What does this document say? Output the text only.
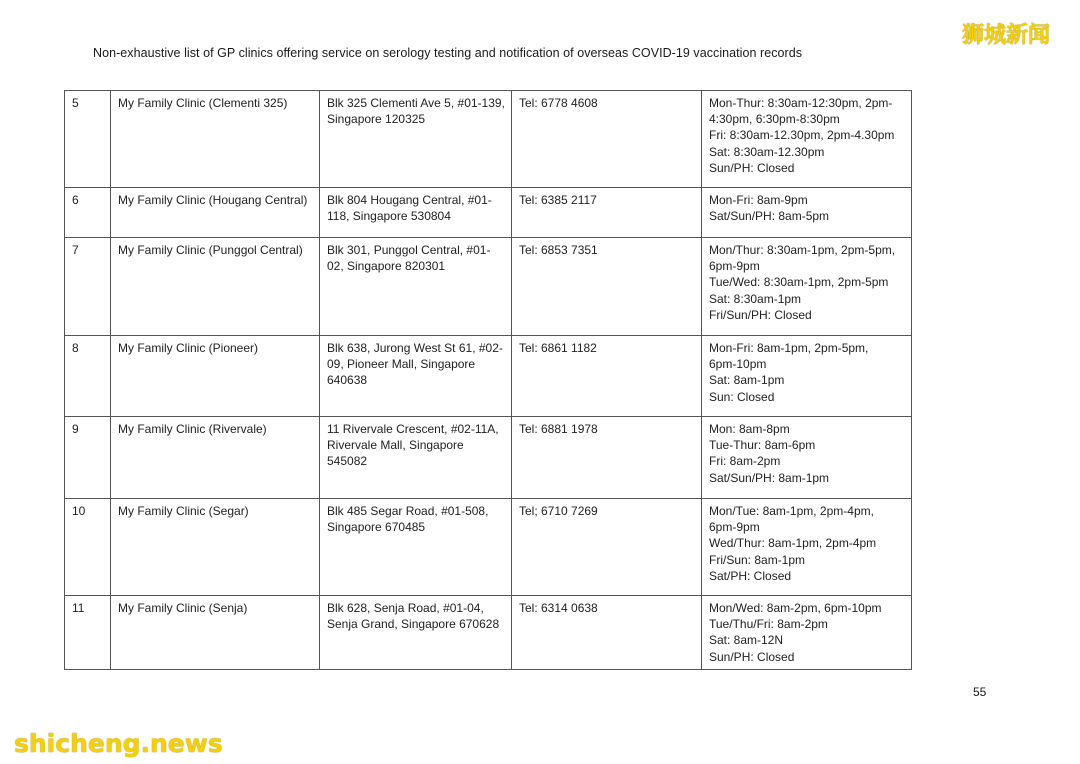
Non-exhaustive list of GP clinics offering service on serology testing and notification of overseas COVID-19 vaccination records
狮城新闻
5	My Family Clinic (Clementi 325)	Blk 325 Clementi Ave 5, #01-139, Singapore 120325	Tel: 6778 4608	Mon-Thur: 8:30am-12:30pm, 2pm-
4:30pm, 6:30pm-8:30pm
Fri: 8:30am-12.30pm, 2pm-4.30pm
Sat: 8:30am-12.30pm
Sun/PH: Closed

6	My Family Clinic (Hougang Central)	Blk 804 Hougang Central, #01-118, Singapore 530804	Tel: 6385 2117	Mon-Fri: 8am-9pm
Sat/Sun/PH: 8am-5pm

7	My Family Clinic (Punggol Central)	Blk 301, Punggol Central, #01-02, Singapore 820301	Tel: 6853 7351	Mon/Thur: 8:30am-1pm, 2pm-5pm,
6pm-9pm
Tue/Wed: 8:30am-1pm, 2pm-5pm
Sat: 8:30am-1pm
Fri/Sun/PH: Closed

8	My Family Clinic (Pioneer)	Blk 638, Jurong West St 61, #02-09, Pioneer Mall, Singapore 640638	Tel: 6861 1182	Mon-Fri: 8am-1pm, 2pm-5pm,
6pm-10pm
Sat: 8am-1pm
Sun: Closed

9	My Family Clinic (Rivervale)	11 Rivervale Crescent, #02-11A, Rivervale Mall, Singapore 545082	Tel: 6881 1978	Mon: 8am-8pm
Tue-Thur: 8am-6pm
Fri: 8am-2pm
Sat/Sun/PH: 8am-1pm

10	My Family Clinic (Segar)	Blk 485 Segar Road, #01-508, Singapore 670485	Tel; 6710 7269	Mon/Tue: 8am-1pm, 2pm-4pm,
6pm-9pm
Wed/Thur: 8am-1pm, 2pm-4pm
Fri/Sun: 8am-1pm
Sat/PH: Closed

11	My Family Clinic (Senja)	Blk 628, Senja Road, #01-04, Senja Grand, Singapore 670628	Tel: 6314 0638	Mon/Wed: 8am-2pm, 6pm-10pm
Tue/Thu/Fri: 8am-2pm
Sat: 8am-12N
Sun/PH: Closed
55
shicheng.news
